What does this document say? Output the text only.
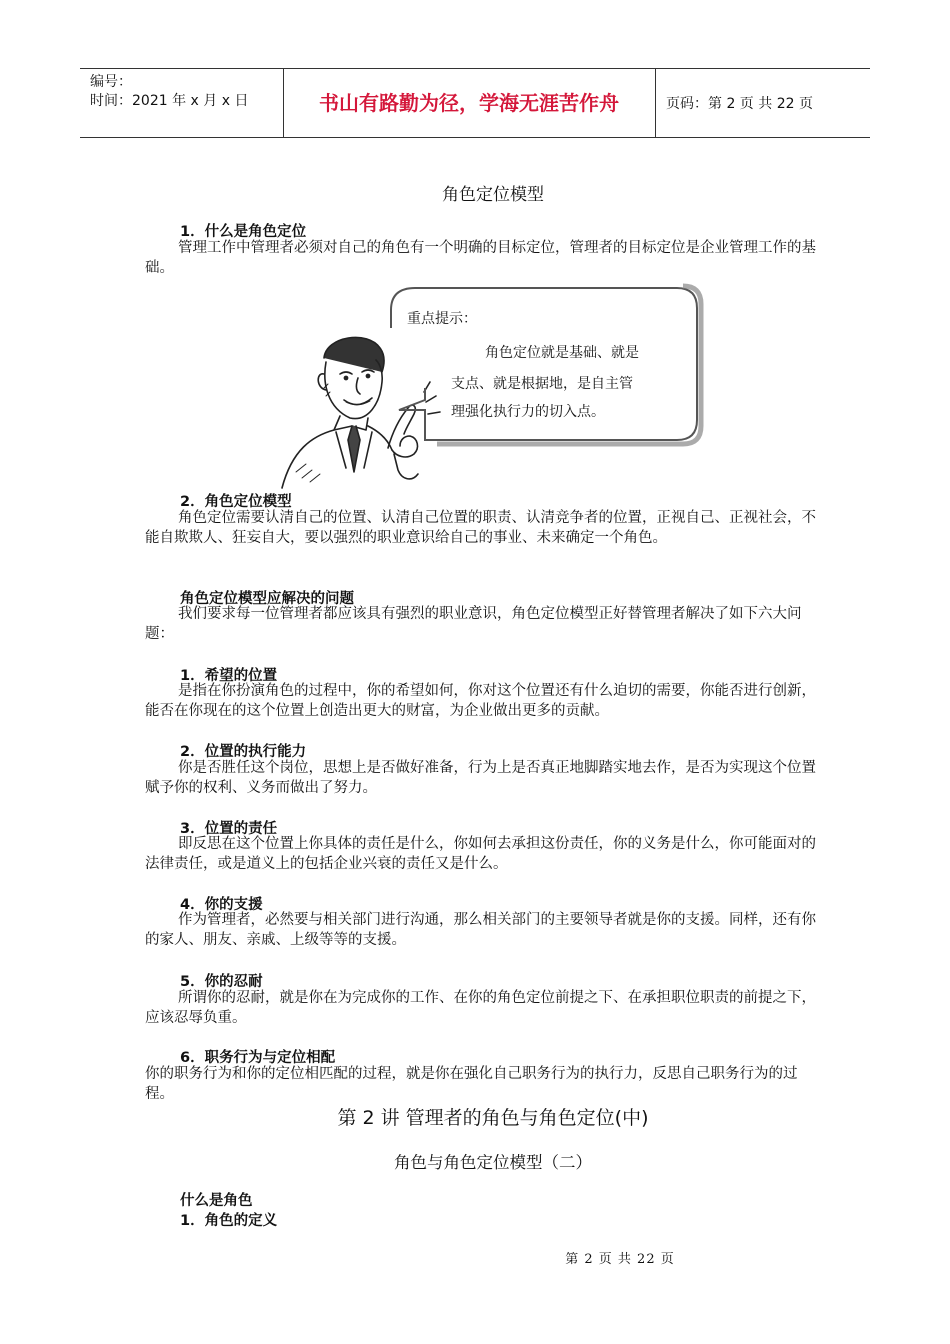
编号：
时间：2021 年 x 月 x 日	书山有路勤为径，学海无涯苦作舟	页码：第 2 页 共 22 页
角色定位模型
1．什么是角色定位
管理工作中管理者必须对自己的角色有一个明确的目标定位，管理者的目标定位是企业管理工作的基础。
重点提示：
角色定位就是基础、就是
支点、就是根据地，是自主管
理强化执行力的切入点。
2．角色定位模型
角色定位需要认清自己的位置、认清自己位置的职责、认清竞争者的位置，正视自己、正视社会，不能自欺欺人、狂妄自大，要以强烈的职业意识给自己的事业、未来确定一个角色。
角色定位模型应解决的问题
我们要求每一位管理者都应该具有强烈的职业意识，角色定位模型正好替管理者解决了如下六大问题：
1．希望的位置
是指在你扮演角色的过程中，你的希望如何，你对这个位置还有什么迫切的需要，你能否进行创新，能否在你现在的这个位置上创造出更大的财富，为企业做出更多的贡献。
2．位置的执行能力
你是否胜任这个岗位，思想上是否做好准备，行为上是否真正地脚踏实地去作，是否为实现这个位置赋予你的权利、义务而做出了努力。
3．位置的责任
即反思在这个位置上你具体的责任是什么，你如何去承担这份责任，你的义务是什么，你可能面对的法律责任，或是道义上的包括企业兴衰的责任又是什么。
4．你的支援
作为管理者，必然要与相关部门进行沟通，那么相关部门的主要领导者就是你的支援。同样，还有你的家人、朋友、亲戚、上级等等的支援。
5．你的忍耐
所谓你的忍耐，就是你在为完成你的工作、在你的角色定位前提之下、在承担职位职责的前提之下，应该忍辱负重。
6．职务行为与定位相配
你的职务行为和你的定位相匹配的过程，就是你在强化自己职务行为的执行力，反思自己职务行为的过程。
第 2 讲 管理者的角色与角色定位(中)
角色与角色定位模型（二）
什么是角色
1．角色的定义
第 2 页 共 22 页
